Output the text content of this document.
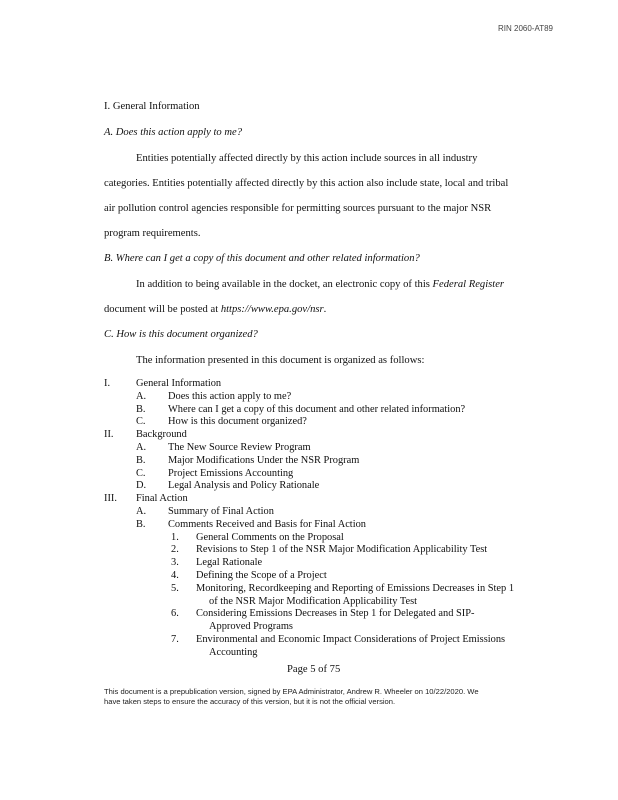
RIN 2060-AT89
I. General Information
A. Does this action apply to me?
Entities potentially affected directly by this action include sources in all industry
categories. Entities potentially affected directly by this action also include state, local and tribal
air pollution control agencies responsible for permitting sources pursuant to the major NSR
program requirements.
B. Where can I get a copy of this document and other related information?
In addition to being available in the docket, an electronic copy of this Federal Register
document will be posted at https://www.epa.gov/nsr.
C. How is this document organized?
The information presented in this document is organized as follows:
I. General Information
A. Does this action apply to me?
B. Where can I get a copy of this document and other related information?
C. How is this document organized?
II. Background
A. The New Source Review Program
B. Major Modifications Under the NSR Program
C. Project Emissions Accounting
D. Legal Analysis and Policy Rationale
III. Final Action
A. Summary of Final Action
B. Comments Received and Basis for Final Action
1. General Comments on the Proposal
2. Revisions to Step 1 of the NSR Major Modification Applicability Test
3. Legal Rationale
4. Defining the Scope of a Project
5. Monitoring, Recordkeeping and Reporting of Emissions Decreases in Step 1
of the NSR Major Modification Applicability Test
6. Considering Emissions Decreases in Step 1 for Delegated and SIP-
Approved Programs
7. Environmental and Economic Impact Considerations of Project Emissions
Accounting
Page 5 of 75
This document is a prepublication version, signed by EPA Administrator, Andrew R. Wheeler on 10/22/2020. We
have taken steps to ensure the accuracy of this version, but it is not the official version.
